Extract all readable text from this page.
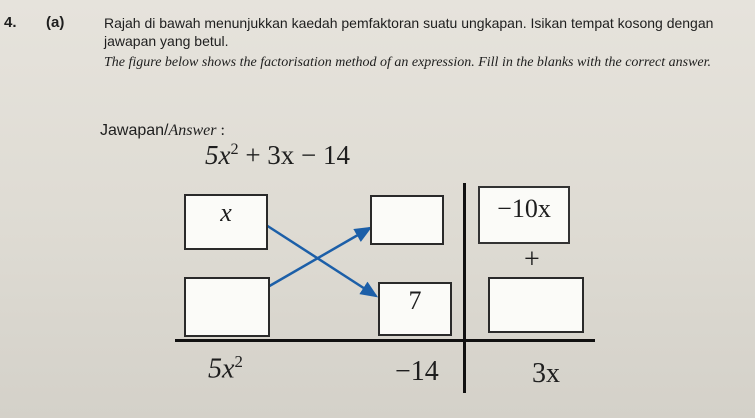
4. (a)	Rajah di bawah menunjukkan kaedah pemfaktoran suatu ungkapan. Isikan tempat kosong dengan
jawapan yang betul.
The figure below shows the factorisation method of an expression. Fill in the blanks with the correct answer.
Jawapan/Answer :
$5x^2 + 3x - 14$
x
7
−10x
+
$5x^2$	−14	3x
